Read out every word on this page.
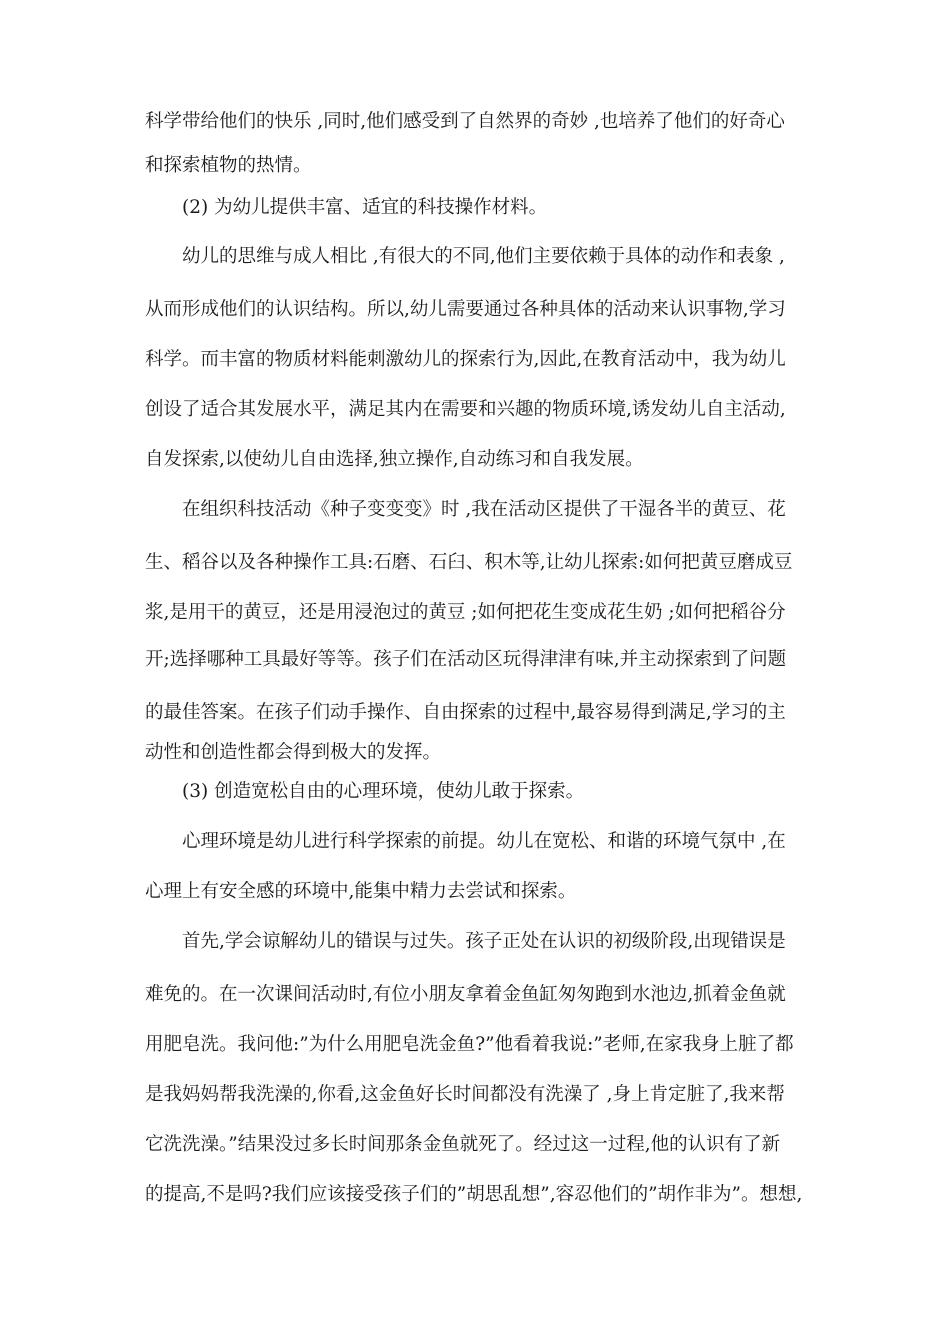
科学带给他们的快乐 ,同时,他们感受到了自然界的奇妙 ,也培养了他们的好奇心
和探索植物的热情。
(2) 为幼儿提供丰富、适宜的科技操作材料。
幼儿的思维与成人相比 ,有很大的不同,他们主要依赖于具体的动作和表象 ,
从而形成他们的认识结构。所以,幼儿需要通过各种具体的活动来认识事物,学习
科学。而丰富的物质材料能刺激幼儿的探索行为,因此,在教育活动中，我为幼儿
创设了适合其发展水平，满足其内在需要和兴趣的物质环境,诱发幼儿自主活动,
自发探索,以使幼儿自由选择,独立操作,自动练习和自我发展。
在组织科技活动《种子变变变》时 ,我在活动区提供了干湿各半的黄豆、花
生、稻谷以及各种操作工具:石磨、石臼、积木等,让幼儿探索:如何把黄豆磨成豆
浆,是用干的黄豆，还是用浸泡过的黄豆 ;如何把花生变成花生奶 ;如何把稻谷分
开;选择哪种工具最好等等。孩子们在活动区玩得津津有味,并主动探索到了问题
的最佳答案。在孩子们动手操作、自由探索的过程中,最容易得到满足,学习的主
动性和创造性都会得到极大的发挥。
(3) 创造宽松自由的心理环境，使幼儿敢于探索。
心理环境是幼儿进行科学探索的前提。幼儿在宽松、和谐的环境气氛中 ,在
心理上有安全感的环境中,能集中精力去尝试和探索。
首先,学会谅解幼儿的错误与过失。孩子正处在认识的初级阶段,出现错误是
难免的。在一次课间活动时,有位小朋友拿着金鱼缸匆匆跑到水池边,抓着金鱼就
用肥皂洗。我问他:”为什么用肥皂洗金鱼?”他看着我说:”老师,在家我身上脏了都
是我妈妈帮我洗澡的,你看,这金鱼好长时间都没有洗澡了 ,身上肯定脏了,我来帮
它洗洗澡。”结果没过多长时间那条金鱼就死了。经过这一过程,他的认识有了新
的提高,不是吗?我们应该接受孩子们的”胡思乱想”,容忍他们的”胡作非为”。想想,
